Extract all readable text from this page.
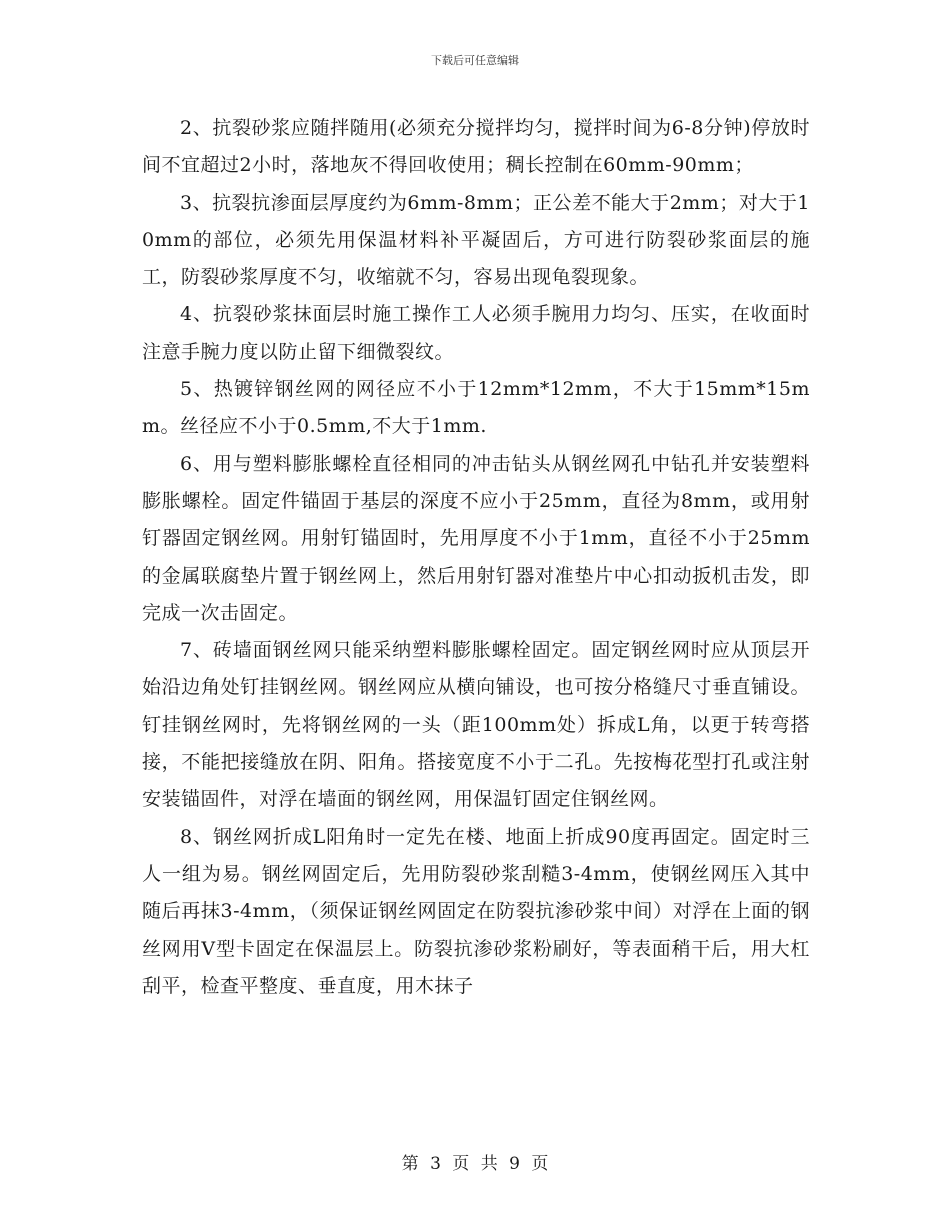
下载后可任意编辑

2、抗裂砂浆应随拌随用(必须充分搅拌均匀，搅拌时间为6-8分钟)停放时间不宜超过2小时，落地灰不得回收使用；稠长控制在60mm-90mm；

3、抗裂抗渗面层厚度约为6mm-8mm；正公差不能大于2mm；对大于10mm的部位，必须先用保温材料补平凝固后，方可进行防裂砂浆面层的施工，防裂砂浆厚度不匀，收缩就不匀，容易出现龟裂现象。

4、抗裂砂浆抹面层时施工操作工人必须手腕用力均匀、压实，在收面时注意手腕力度以防止留下细微裂纹。

5、热镀锌钢丝网的网径应不小于12mm*12mm，不大于15mm*15mm。丝径应不小于0.5mm,不大于1mm.

6、用与塑料膨胀螺栓直径相同的冲击钻头从钢丝网孔中钻孔并安装塑料膨胀螺栓。固定件锚固于基层的深度不应小于25mm，直径为8mm，或用射钉器固定钢丝网。用射钉锚固时，先用厚度不小于1mm，直径不小于25mm的金属联腐垫片置于钢丝网上，然后用射钉器对准垫片中心扣动扳机击发，即完成一次击固定。

7、砖墙面钢丝网只能采纳塑料膨胀螺栓固定。固定钢丝网时应从顶层开始沿边角处钉挂钢丝网。钢丝网应从横向铺设，也可按分格缝尺寸垂直铺设。钉挂钢丝网时，先将钢丝网的一头（距100mm处）拆成L角，以更于转弯搭接，不能把接缝放在阴、阳角。搭接宽度不小于二孔。先按梅花型打孔或注射安装锚固件，对浮在墙面的钢丝网，用保温钉固定住钢丝网。

8、钢丝网折成L阳角时一定先在楼、地面上折成90度再固定。固定时三人一组为易。钢丝网固定后，先用防裂砂浆刮糙3-4mm，使钢丝网压入其中随后再抹3-4mm，（须保证钢丝网固定在防裂抗渗砂浆中间）对浮在上面的钢丝网用V型卡固定在保温层上。防裂抗渗砂浆粉刷好，等表面稍干后，用大杠刮平，检查平整度、垂直度，用木抹子

第 3 页 共 9 页
